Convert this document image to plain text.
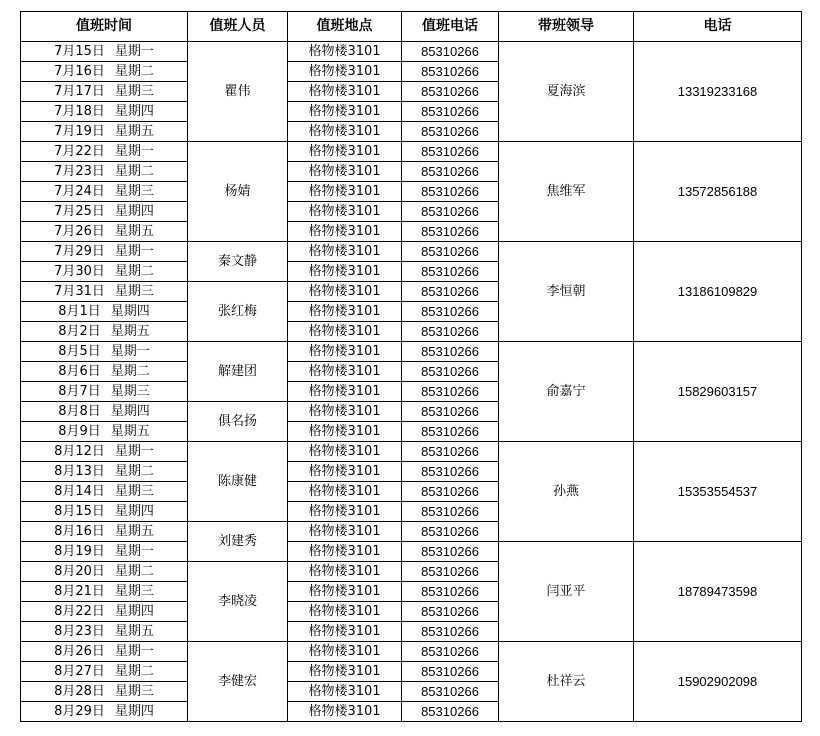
值班时间	值班人员	值班地点	值班电话	带班领导	电话
7月15日 星期一	瞿伟	格物楼3101	85310266	夏海滨	13319233168
7月16日 星期二		格物楼3101	85310266		
7月17日 星期三		格物楼3101	85310266		
7月18日 星期四		格物楼3101	85310266		
7月19日 星期五		格物楼3101	85310266		
7月22日 星期一	杨婧	格物楼3101	85310266	焦维军	13572856188
7月23日 星期二		格物楼3101	85310266		
7月24日 星期三		格物楼3101	85310266		
7月25日 星期四		格物楼3101	85310266		
7月26日 星期五		格物楼3101	85310266		
7月29日 星期一	秦文静	格物楼3101	85310266	李恒朝	13186109829
7月30日 星期二		格物楼3101	85310266		
7月31日 星期三	张红梅	格物楼3101	85310266		
8月1日 星期四		格物楼3101	85310266		
8月2日 星期五		格物楼3101	85310266		
8月5日 星期一	解建团	格物楼3101	85310266	俞嘉宁	15829603157
8月6日 星期二		格物楼3101	85310266		
8月7日 星期三		格物楼3101	85310266		
8月8日 星期四	俱名扬	格物楼3101	85310266		
8月9日 星期五		格物楼3101	85310266		
8月12日 星期一	陈康健	格物楼3101	85310266	孙燕	15353554537
8月13日 星期二		格物楼3101	85310266		
8月14日 星期三		格物楼3101	85310266		
8月15日 星期四		格物楼3101	85310266		
8月16日 星期五	刘建秀	格物楼3101	85310266		
8月19日 星期一		格物楼3101	85310266	闫亚平	18789473598
8月20日 星期二	李晓凌	格物楼3101	85310266		
8月21日 星期三		格物楼3101	85310266		
8月22日 星期四		格物楼3101	85310266		
8月23日 星期五		格物楼3101	85310266		
8月26日 星期一	李健宏	格物楼3101	85310266	杜祥云	15902902098
8月27日 星期二		格物楼3101	85310266		
8月28日 星期三		格物楼3101	85310266		
8月29日 星期四		格物楼3101	85310266		
